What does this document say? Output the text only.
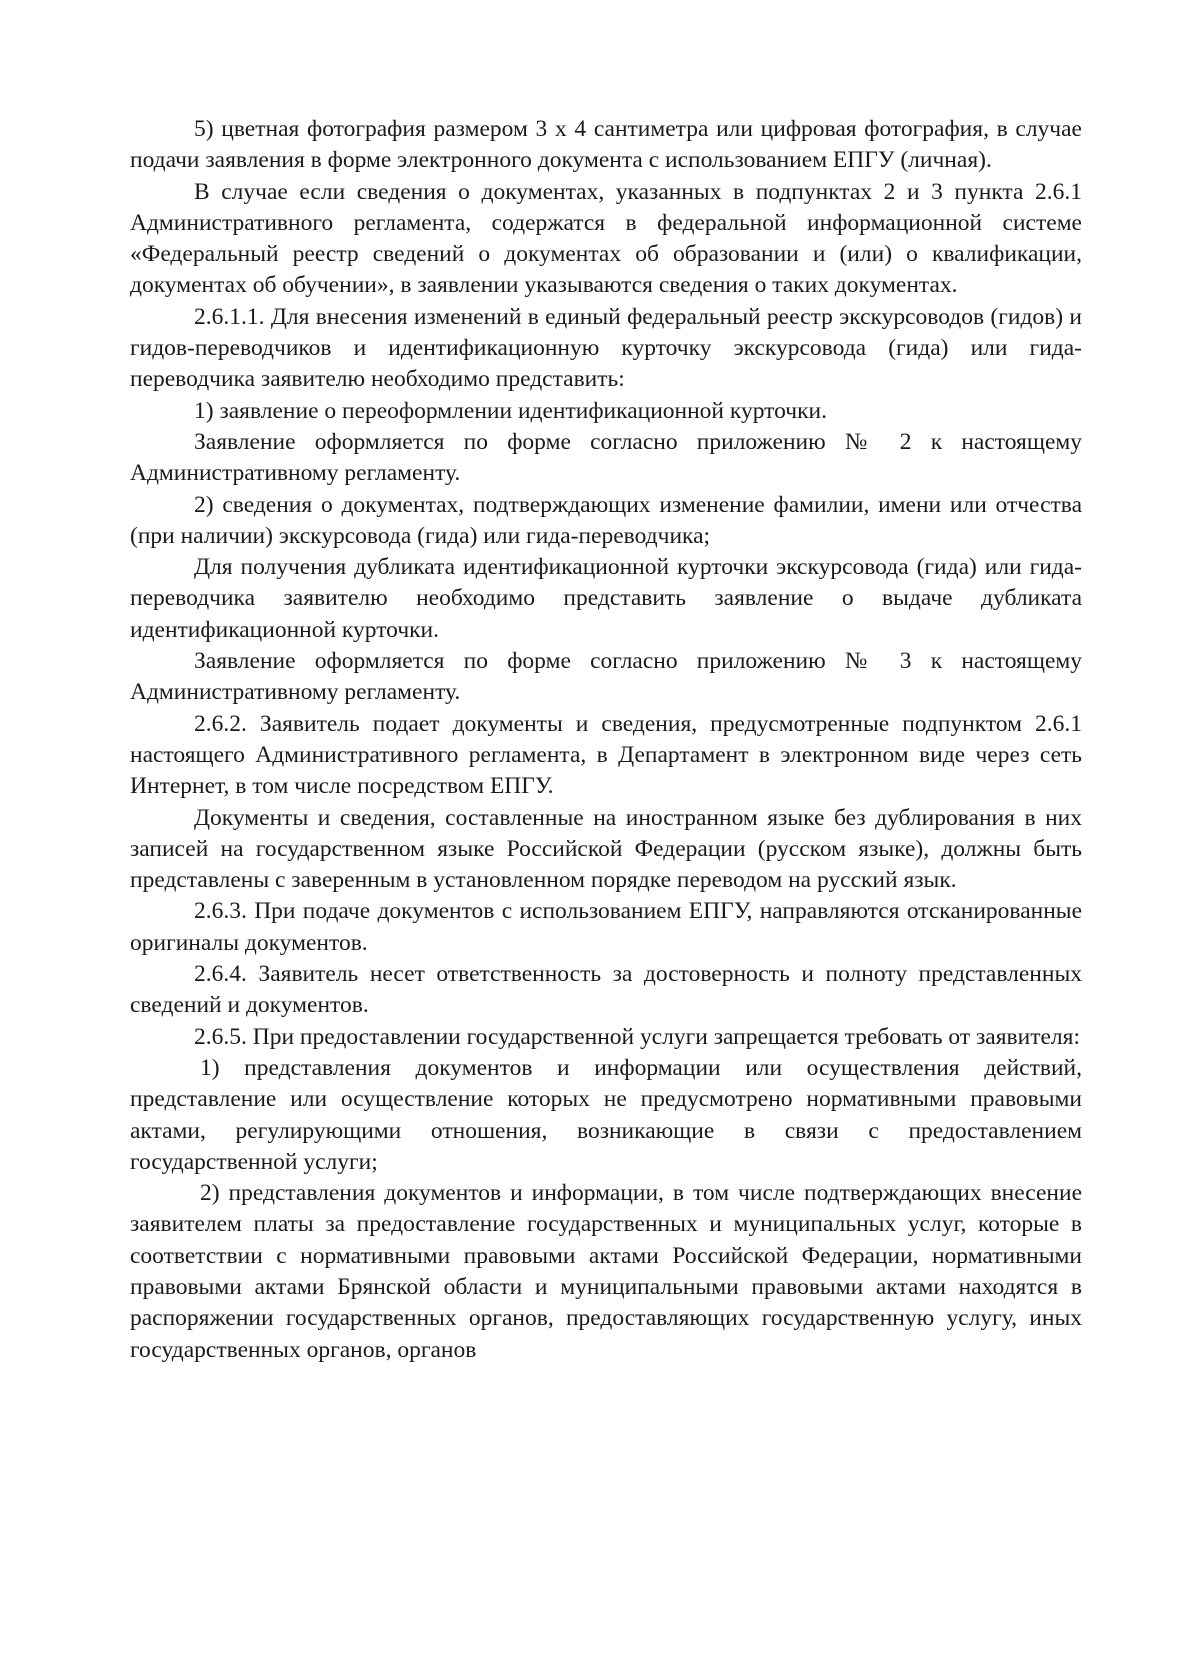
5) цветная фотография размером 3 x 4 сантиметра или цифровая фотография, в случае подачи заявления в форме электронного документа с использованием ЕПГУ (личная).

В случае если сведения о документах, указанных в подпунктах 2 и 3 пункта 2.6.1 Административного регламента, содержатся в федеральной информационной системе «Федеральный реестр сведений о документах об образовании и (или) о квалификации, документах об обучении», в заявлении указываются сведения о таких документах.

2.6.1.1. Для внесения изменений в единый федеральный реестр экскурсоводов (гидов) и гидов-переводчиков и идентификационную курточку экскурсовода (гида) или гида-переводчика заявителю необходимо представить:

1) заявление о переоформлении идентификационной курточки.

Заявление оформляется по форме согласно приложению № 2 к настоящему Административному регламенту.

2) сведения о документах, подтверждающих изменение фамилии, имени или отчества (при наличии) экскурсовода (гида) или гида-переводчика;

Для получения дубликата идентификационной курточки экскурсовода (гида) или гида-переводчика заявителю необходимо представить заявление о выдаче дубликата идентификационной курточки.

Заявление оформляется по форме согласно приложению № 3 к настоящему Административному регламенту.

2.6.2. Заявитель подает документы и сведения, предусмотренные подпунктом 2.6.1 настоящего Административного регламента, в Департамент в электронном виде через сеть Интернет, в том числе посредством ЕПГУ.

Документы и сведения, составленные на иностранном языке без дублирования в них записей на государственном языке Российской Федерации (русском языке), должны быть представлены с заверенным в установленном порядке переводом на русский язык.

2.6.3. При подаче документов с использованием ЕПГУ, направляются отсканированные оригиналы документов.

2.6.4. Заявитель несет ответственность за достоверность и полноту представленных сведений и документов.

2.6.5. При предоставлении государственной услуги запрещается требовать от заявителя:

1) представления документов и информации или осуществления действий, представление или осуществление которых не предусмотрено нормативными правовыми актами, регулирующими отношения, возникающие в связи с предоставлением государственной услуги;

2) представления документов и информации, в том числе подтверждающих внесение заявителем платы за предоставление государственных и муниципальных услуг, которые в соответствии с нормативными правовыми актами Российской Федерации, нормативными правовыми актами Брянской области и муниципальными правовыми актами находятся в распоряжении государственных органов, предоставляющих государственную услугу, иных государственных органов, органов
